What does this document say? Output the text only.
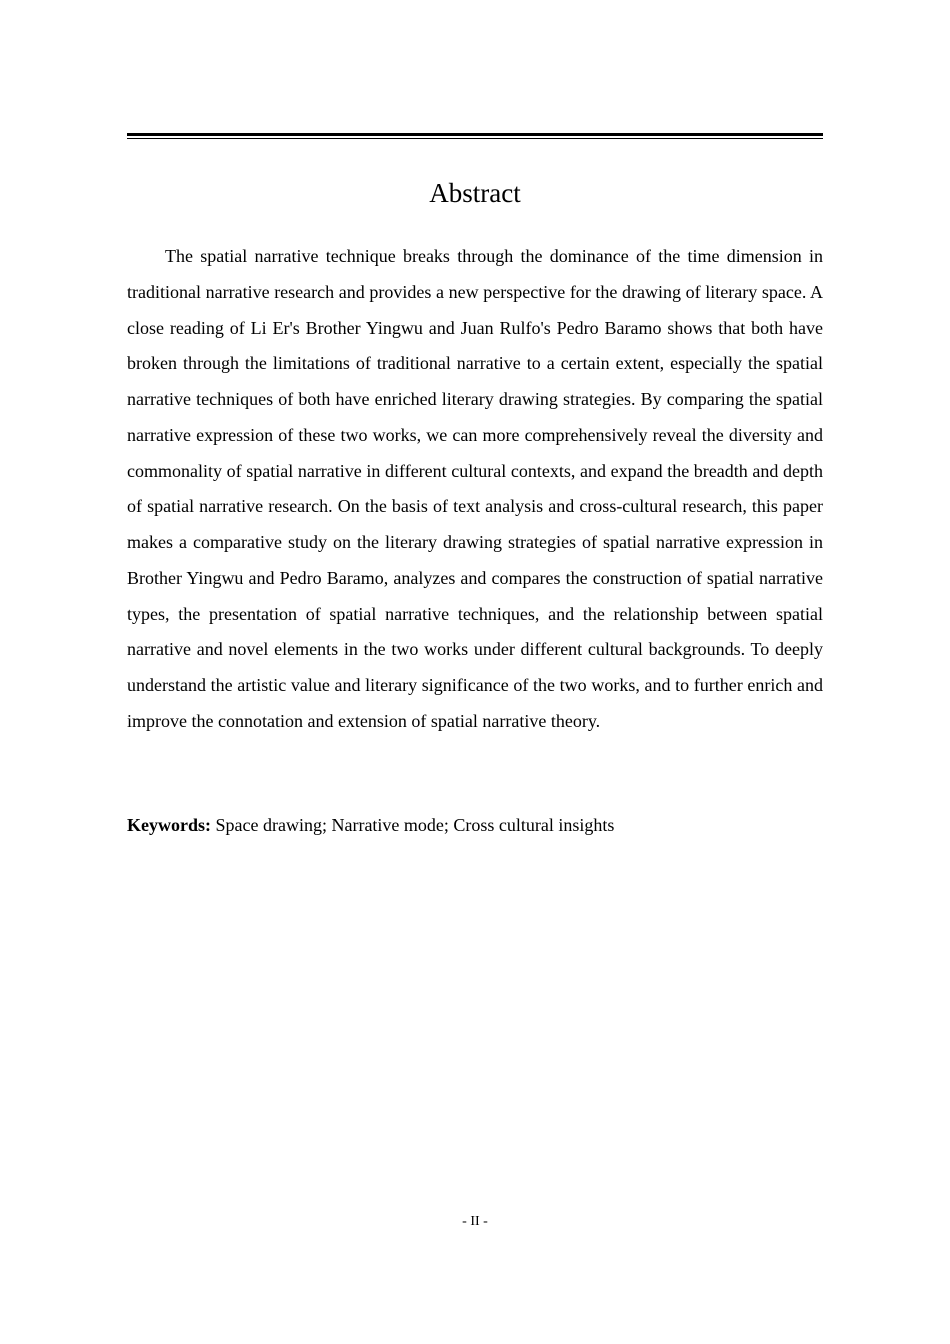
Abstract

The spatial narrative technique breaks through the dominance of the time dimension in traditional narrative research and provides a new perspective for the drawing of literary space. A close reading of Li Er's Brother Yingwu and Juan Rulfo's Pedro Baramo shows that both have broken through the limitations of traditional narrative to a certain extent, especially the spatial narrative techniques of both have enriched literary drawing strategies. By comparing the spatial narrative expression of these two works, we can more comprehensively reveal the diversity and commonality of spatial narrative in different cultural contexts, and expand the breadth and depth of spatial narrative research. On the basis of text analysis and cross-cultural research, this paper makes a comparative study on the literary drawing strategies of spatial narrative expression in Brother Yingwu and Pedro Baramo, analyzes and compares the construction of spatial narrative types, the presentation of spatial narrative techniques, and the relationship between spatial narrative and novel elements in the two works under different cultural backgrounds. To deeply understand the artistic value and literary significance of the two works, and to further enrich and improve the connotation and extension of spatial narrative theory.

Keywords: Space drawing; Narrative mode; Cross cultural insights

- II -
